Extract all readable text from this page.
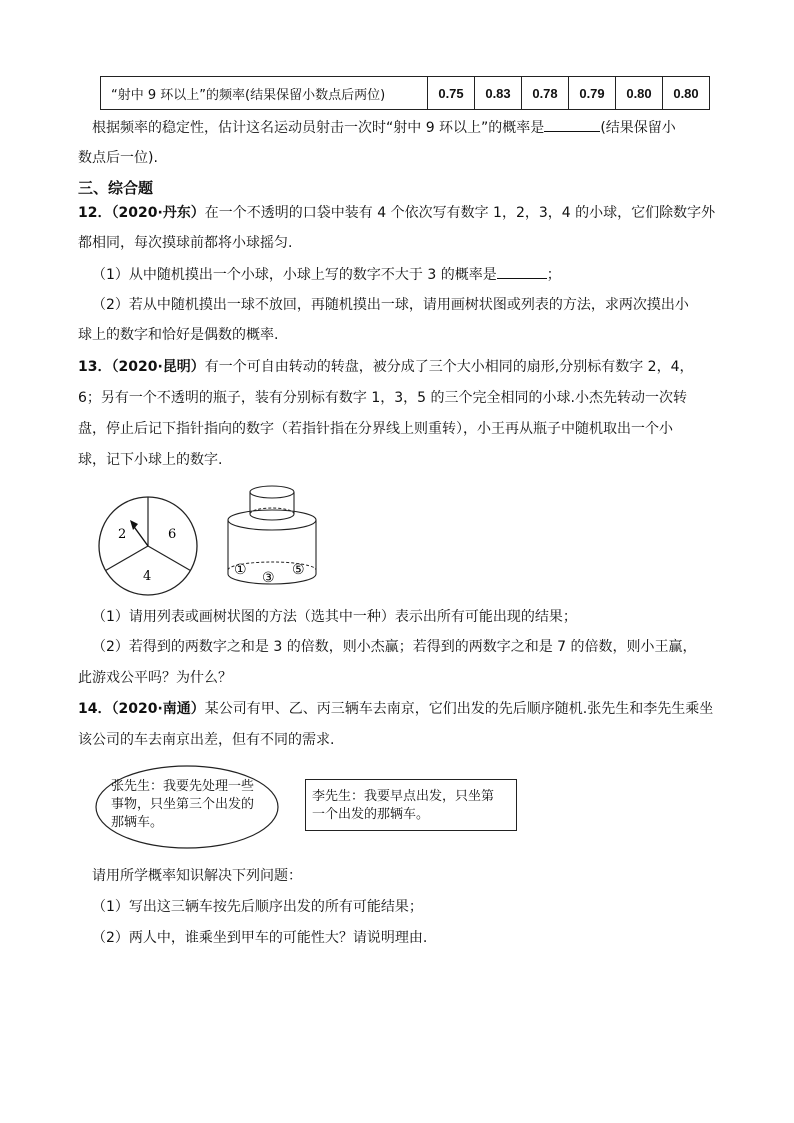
“射中 9 环以上”的频率(结果保留小数点后两位)	0.75	0.83	0.78	0.79	0.80	0.80
根据频率的稳定性，估计这名运动员射击一次时“射中 9 环以上”的概率是	(结果保留小
数点后一位).
三、综合题
12．（2020·丹东）在一个不透明的口袋中装有 4 个依次写有数字 1，2，3，4 的小球，它们除数字外
都相同，每次摸球前都将小球摇匀.
（1）从中随机摸出一个小球，小球上写的数字不大于 3 的概率是	；
（2）若从中随机摸出一球不放回，再随机摸出一球，请用画树状图或列表的方法，求两次摸出小
球上的数字和恰好是偶数的概率.
13．（2020·昆明）有一个可自由转动的转盘，被分成了三个大小相同的扇形,分别标有数字 2，4，
6；另有一个不透明的瓶子，装有分别标有数字 1，3，5 的三个完全相同的小球.小杰先转动一次转
盘，停止后记下指针指向的数字（若指针指在分界线上则重转），小王再从瓶子中随机取出一个小
球，记下小球上的数字.
2	6
4	① ③ ⑤
（1）请用列表或画树状图的方法（选其中一种）表示出所有可能出现的结果；
（2）若得到的两数字之和是 3 的倍数，则小杰赢；若得到的两数字之和是 7 的倍数，则小王赢，
此游戏公平吗？为什么？
14．（2020·南通）某公司有甲、乙、丙三辆车去南京，它们出发的先后顺序随机.张先生和李先生乘坐
该公司的车去南京出差，但有不同的需求.
张先生：我要先处理一些
事物，只坐第三个出发的
那辆车。
李先生：我要早点出发，只坐第
一个出发的那辆车。
请用所学概率知识解决下列问题：
（1）写出这三辆车按先后顺序出发的所有可能结果；
（2）两人中，谁乘坐到甲车的可能性大？请说明理由.
